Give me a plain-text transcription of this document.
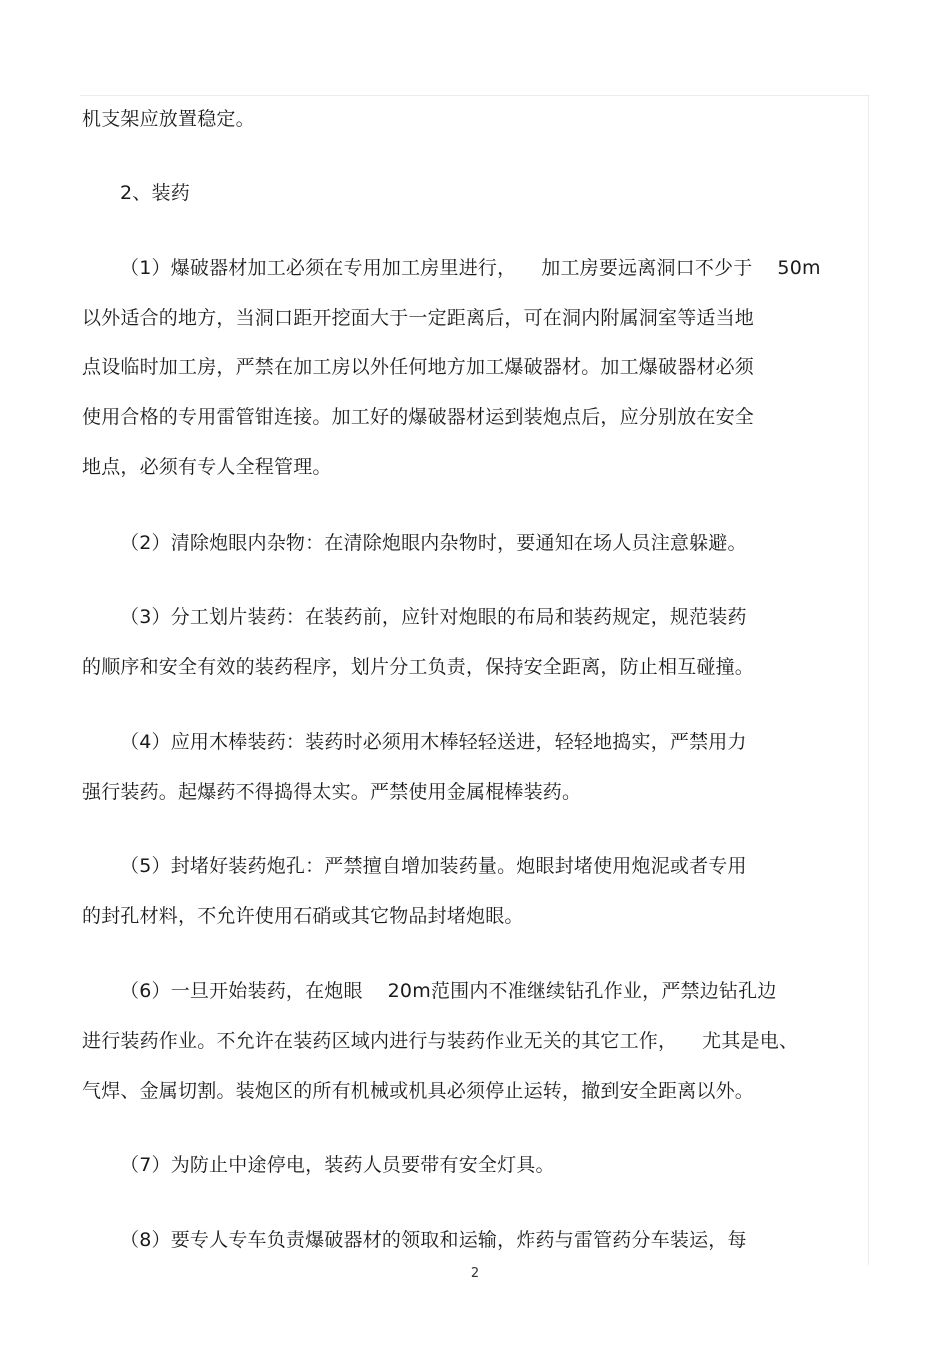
机支架应放置稳定。
2、装药
（1）爆破器材加工必须在专用加工房里进行，    加工房要远离洞口不少于    50m
以外适合的地方，当洞口距开挖面大于一定距离后，可在洞内附属洞室等适当地
点设临时加工房，严禁在加工房以外任何地方加工爆破器材。加工爆破器材必须
使用合格的专用雷管钳连接。加工好的爆破器材运到装炮点后，应分别放在安全
地点，必须有专人全程管理。
（2）清除炮眼内杂物：在清除炮眼内杂物时，要通知在场人员注意躲避。
（3）分工划片装药：在装药前，应针对炮眼的布局和装药规定，规范装药
的顺序和安全有效的装药程序，划片分工负责，保持安全距离，防止相互碰撞。
（4）应用木棒装药：装药时必须用木棒轻轻送进，轻轻地捣实，严禁用力
强行装药。起爆药不得捣得太实。严禁使用金属棍棒装药。
（5）封堵好装药炮孔：严禁擅自增加装药量。炮眼封堵使用炮泥或者专用
的封孔材料，不允许使用石硝或其它物品封堵炮眼。
（6）一旦开始装药，在炮眼    20m范围内不准继续钻孔作业，严禁边钻孔边
进行装药作业。不允许在装药区域内进行与装药作业无关的其它工作，    尤其是电、
气焊、金属切割。装炮区的所有机械或机具必须停止运转，撤到安全距离以外。
（7）为防止中途停电，装药人员要带有安全灯具。
（8）要专人专车负责爆破器材的领取和运输，炸药与雷管药分车装运，每
2
